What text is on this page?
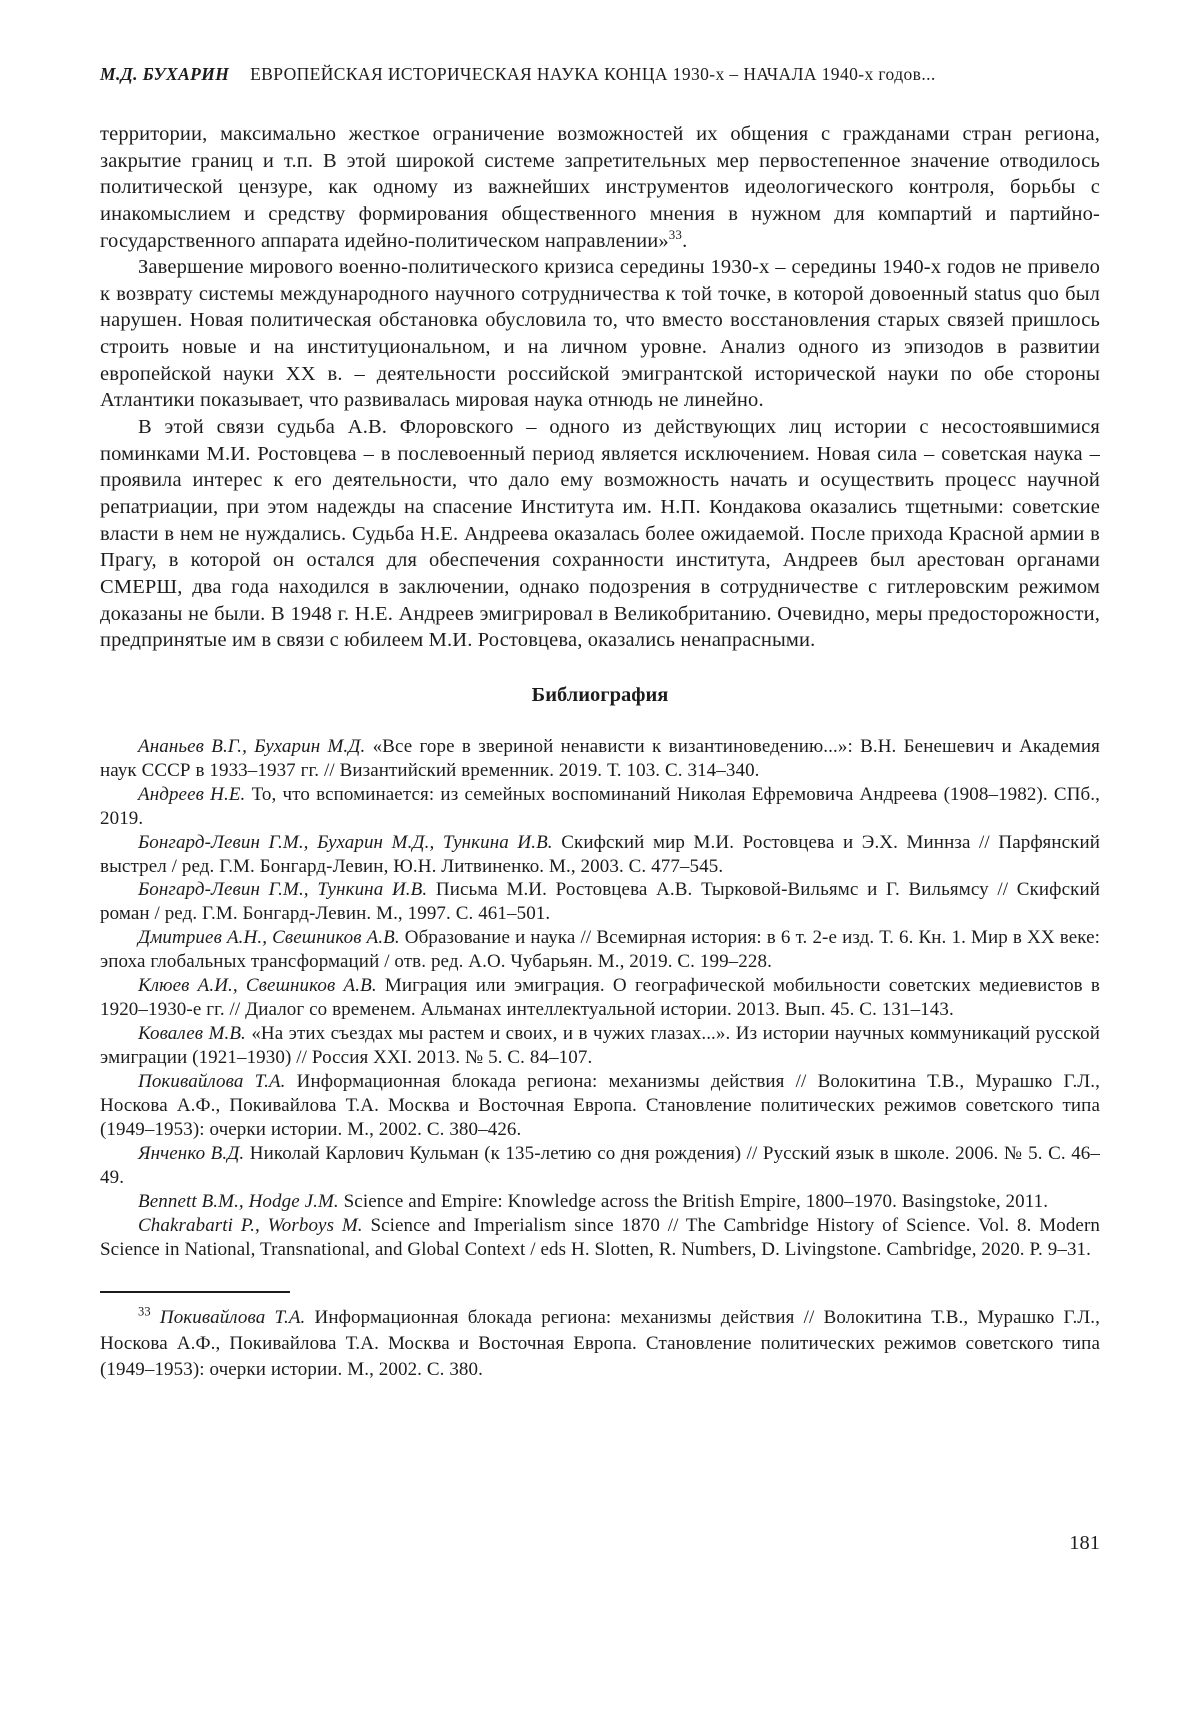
М.Д. БУХАРИН ЕВРОПЕЙСКАЯ ИСТОРИЧЕСКАЯ НАУКА КОНЦА 1930-х – НАЧАЛА 1940-х годов...

территории, максимально жесткое ограничение возможностей их общения с гражданами стран региона, закрытие границ и т.п. В этой широкой системе запретительных мер первостепенное значение отводилось политической цензуре, как одному из важнейших инструментов идеологического контроля, борьбы с инакомыслием и средству формирования общественного мнения в нужном для компартий и партийно-государственного аппарата идейно-политическом направлении»$^{33}$.

Завершение мирового военно-политического кризиса середины 1930-х – середины 1940-х годов не привело к возврату системы международного научного сотрудничества к той точке, в которой довоенный status quo был нарушен. Новая политическая обстановка обусловила то, что вместо восстановления старых связей пришлось строить новые и на институциональном, и на личном уровне. Анализ одного из эпизодов в развитии европейской науки XX в. – деятельности российской эмигрантской исторической науки по обе стороны Атлантики показывает, что развивалась мировая наука отнюдь не линейно.

В этой связи судьба А.В. Флоровского – одного из действующих лиц истории с несостоявшимися поминками М.И. Ростовцева – в послевоенный период является исключением. Новая сила – советская наука – проявила интерес к его деятельности, что дало ему возможность начать и осуществить процесс научной репатриации, при этом надежды на спасение Института им. Н.П. Кондакова оказались тщетными: советские власти в нем не нуждались. Судьба Н.Е. Андреева оказалась более ожидаемой. После прихода Красной армии в Прагу, в которой он остался для обеспечения сохранности института, Андреев был арестован органами СМЕРШ, два года находился в заключении, однако подозрения в сотрудничестве с гитлеровским режимом доказаны не были. В 1948 г. Н.Е. Андреев эмигрировал в Великобританию. Очевидно, меры предосторожности, предпринятые им в связи с юбилеем М.И. Ростовцева, оказались ненапрасными.

Библиография

Ананьев В.Г., Бухарин М.Д. «Все горе в звериной ненависти к византиноведению...»: В.Н. Бенешевич и Академия наук СССР в 1933–1937 гг. // Византийский временник. 2019. Т. 103. С. 314–340.

Андреев Н.Е. То, что вспоминается: из семейных воспоминаний Николая Ефремовича Андреева (1908–1982). СПб., 2019.

Бонгард-Левин Г.М., Бухарин М.Д., Тункина И.В. Скифский мир М.И. Ростовцева и Э.Х. Миннза // Парфянский выстрел / ред. Г.М. Бонгард-Левин, Ю.Н. Литвиненко. М., 2003. С. 477–545.

Бонгард-Левин Г.М., Тункина И.В. Письма М.И. Ростовцева А.В. Тырковой-Вильямс и Г. Вильямсу // Скифский роман / ред. Г.М. Бонгард-Левин. М., 1997. С. 461–501.

Дмитриев А.Н., Свешников А.В. Образование и наука // Всемирная история: в 6 т. 2-е изд. Т. 6. Кн. 1. Мир в XX веке: эпоха глобальных трансформаций / отв. ред. А.О. Чубарьян. М., 2019. С. 199–228.

Клюев А.И., Свешников А.В. Миграция или эмиграция. О географической мобильности советских медиевистов в 1920–1930-е гг. // Диалог со временем. Альманах интеллектуальной истории. 2013. Вып. 45. С. 131–143.

Ковалев М.В. «На этих съездах мы растем и своих, и в чужих глазах...». Из истории научных коммуникаций русской эмиграции (1921–1930) // Россия XXI. 2013. № 5. С. 84–107.

Покивайлова Т.А. Информационная блокада региона: механизмы действия // Волокитина Т.В., Мурашко Г.Л., Носкова А.Ф., Покивайлова Т.А. Москва и Восточная Европа. Становление политических режимов советского типа (1949–1953): очерки истории. М., 2002. С. 380–426.

Янченко В.Д. Николай Карлович Кульман (к 135-летию со дня рождения) // Русский язык в школе. 2006. № 5. С. 46–49.

Bennett B.M., Hodge J.M. Science and Empire: Knowledge across the British Empire, 1800–1970. Basingstoke, 2011.

Chakrabarti P., Worboys M. Science and Imperialism since 1870 // The Cambridge History of Science. Vol. 8. Modern Science in National, Transnational, and Global Context / eds H. Slotten, R. Numbers, D. Livingstone. Cambridge, 2020. P. 9–31.

$^{33}$ Покивайлова Т.А. Информационная блокада региона: механизмы действия // Волокитина Т.В., Мурашко Г.Л., Носкова А.Ф., Покивайлова Т.А. Москва и Восточная Европа. Становление политических режимов советского типа (1949–1953): очерки истории. М., 2002. С. 380.

181
